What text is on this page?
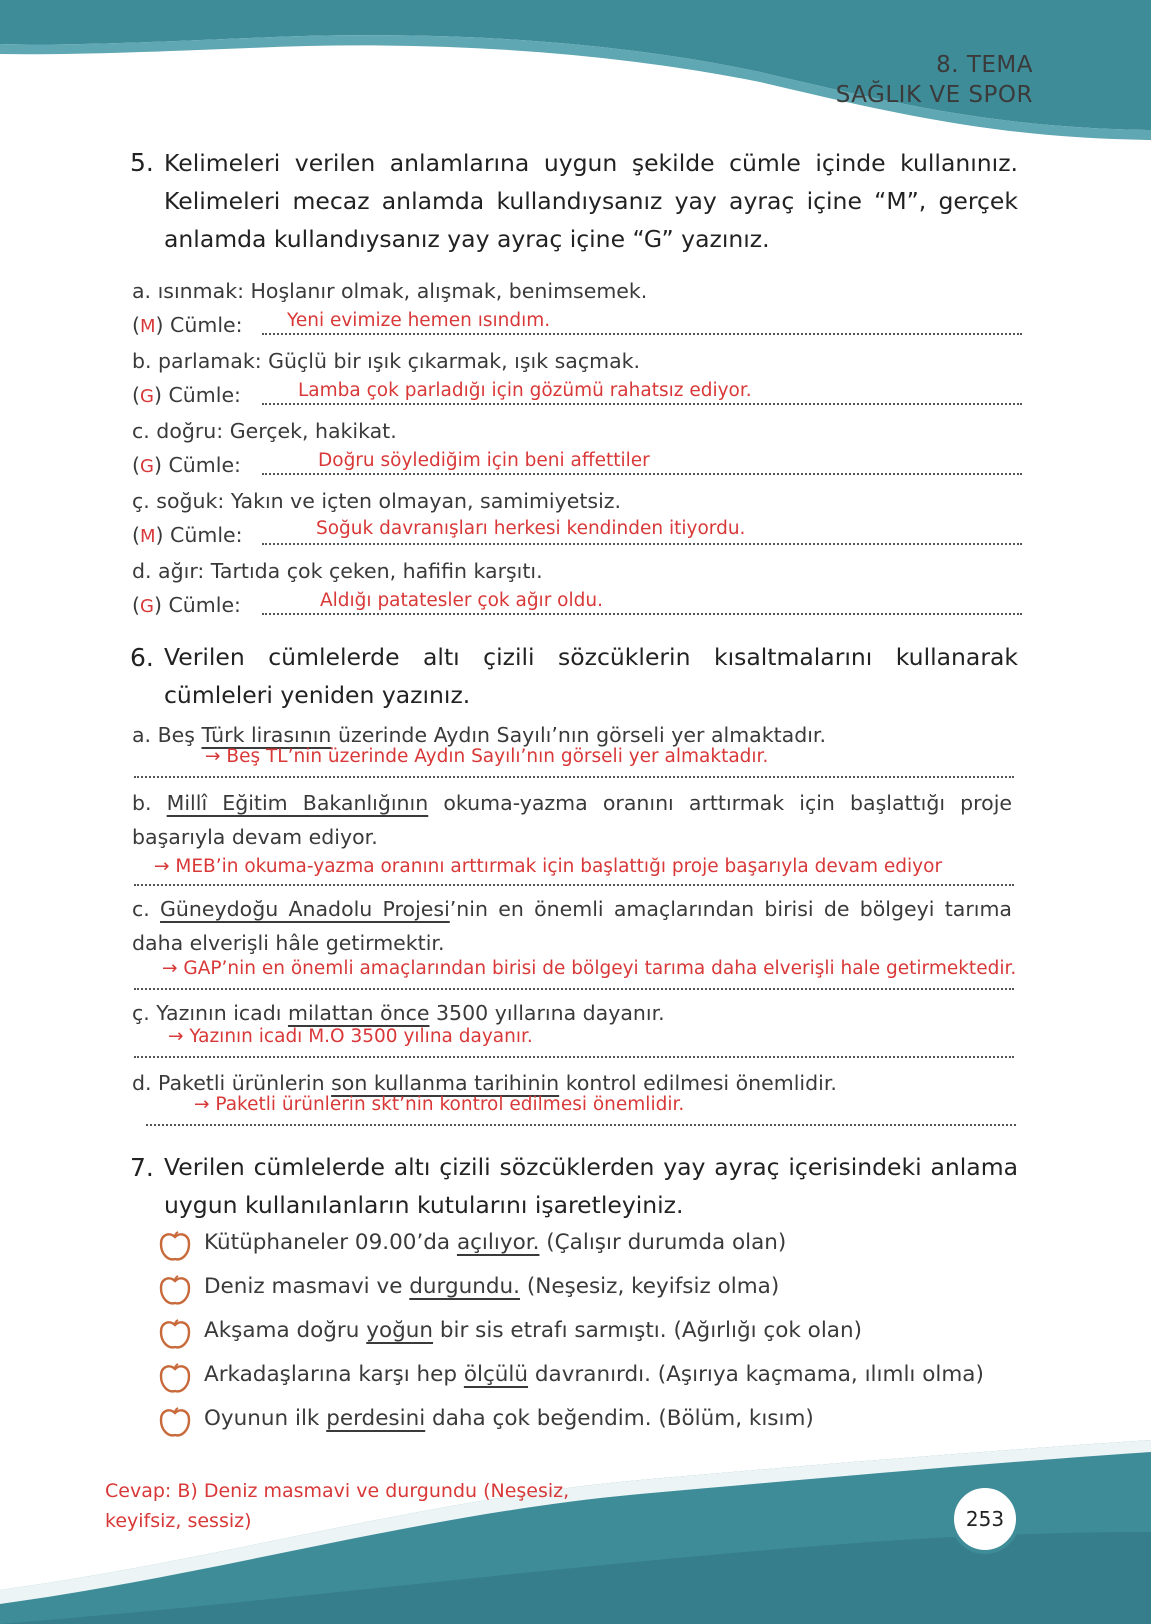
8. TEMA
SAĞLIK VE SPOR
5. Kelimeleri verilen anlamlarına uygun şekilde cümle içinde kullanınız. Kelimeleri mecaz anlamda kullandıysanız yay ayraç içine “M”, gerçek anlamda kullandıysanız yay ayraç içine “G” yazınız.
a. ısınmak: Hoşlanır olmak, alışmak, benimsemek.
(M) Cümle: Yeni evimize hemen ısındım.
b. parlamak: Güçlü bir ışık çıkarmak, ışık saçmak.
(G) Cümle:	Lamba çok parladığı için gözümü rahatsız ediyor.
c. doğru: Gerçek, hakikat.
(G) Cümle:	Doğru söylediğim için beni affettiler
ç. soğuk: Yakın ve içten olmayan, samimiyetsiz.
(M) Cümle:	Soğuk davranışları herkesi kendinden itiyordu.
d. ağır: Tartıda çok çeken, hafifin karşıtı.
(G) Cümle:	Aldığı patatesler çok ağır oldu.
6. Verilen cümlelerde altı çizili sözcüklerin kısaltmalarını kullanarak cümleleri yeniden yazınız.
a. Beş Türk lirasının üzerinde Aydın Sayılı’nın görseli yer almaktadır.
→ Beş TL’nin üzerinde Aydın Sayılı’nın görseli yer almaktadır.
b. Millî Eğitim Bakanlığının okuma-yazma oranını arttırmak için başlattığı proje başarıyla devam ediyor.
→ MEB’in okuma-yazma oranını arttırmak için başlattığı proje başarıyla devam ediyor
c. Güneydoğu Anadolu Projesi’nin en önemli amaçlarından birisi de bölgeyi tarıma daha elverişli hâle getirmektir.
→ GAP’nin en önemli amaçlarından birisi de bölgeyi tarıma daha elverişli hale getirmektedir.
ç. Yazının icadı milattan önce 3500 yıllarına dayanır.
→ Yazının icadı M.O 3500 yılına dayanır.
d. Paketli ürünlerin son kullanma tarihinin kontrol edilmesi önemlidir.
→ Paketli ürünlerin skt’nin kontrol edilmesi önemlidir.
7. Verilen cümlelerde altı çizili sözcüklerden yay ayraç içerisindeki anlama uygun kullanılanların kutularını işaretleyiniz.
Kütüphaneler 09.00’da açılıyor. (Çalışır durumda olan)
Deniz masmavi ve durgundu. (Neşesiz, keyifsiz olma)
Akşama doğru yoğun bir sis etrafı sarmıştı. (Ağırlığı çok olan)
Arkadaşlarına karşı hep ölçülü davranırdı. (Aşırıya kaçmama, ılımlı olma)
Oyunun ilk perdesini daha çok beğendim. (Bölüm, kısım)
Cevap: B) Deniz masmavi ve durgundu (Neşesiz,
keyifsiz, sessiz)	253
